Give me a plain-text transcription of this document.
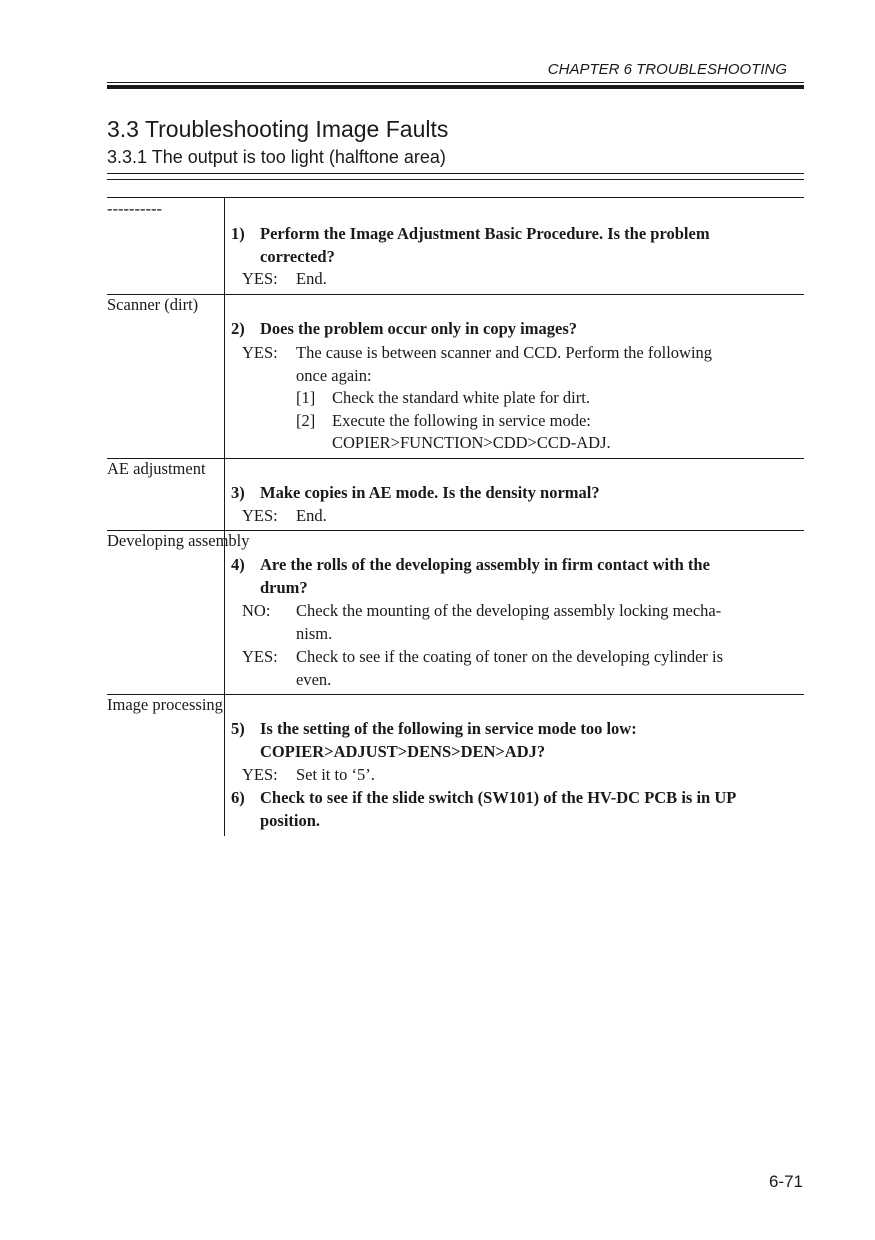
CHAPTER 6 TROUBLESHOOTING
3.3 Troubleshooting Image Faults
3.3.1 The output is too light (halftone area)
----------
1) Perform the Image Adjustment Basic Procedure. Is the problem
corrected?
YES: End.
Scanner (dirt)
2) Does the problem occur only in copy images?
YES: The cause is between scanner and CCD. Perform the following
once again:
[1] Check the standard white plate for dirt.
[2] Execute the following in service mode:
COPIER>FUNCTION>CDD>CCD-ADJ.
AE adjustment
3) Make copies in AE mode. Is the density normal?
YES: End.
Developing assembly
4) Are the rolls of the developing assembly in firm contact with the
drum?
NO: Check the mounting of the developing assembly locking mecha-
nism.
YES: Check to see if the coating of toner on the developing cylinder is
even.
Image processing
5) Is the setting of the following in service mode too low:
COPIER>ADJUST>DENS>DEN>ADJ?
YES: Set it to ‘5’.
6) Check to see if the slide switch (SW101) of the HV-DC PCB is in UP
position.
6-71
